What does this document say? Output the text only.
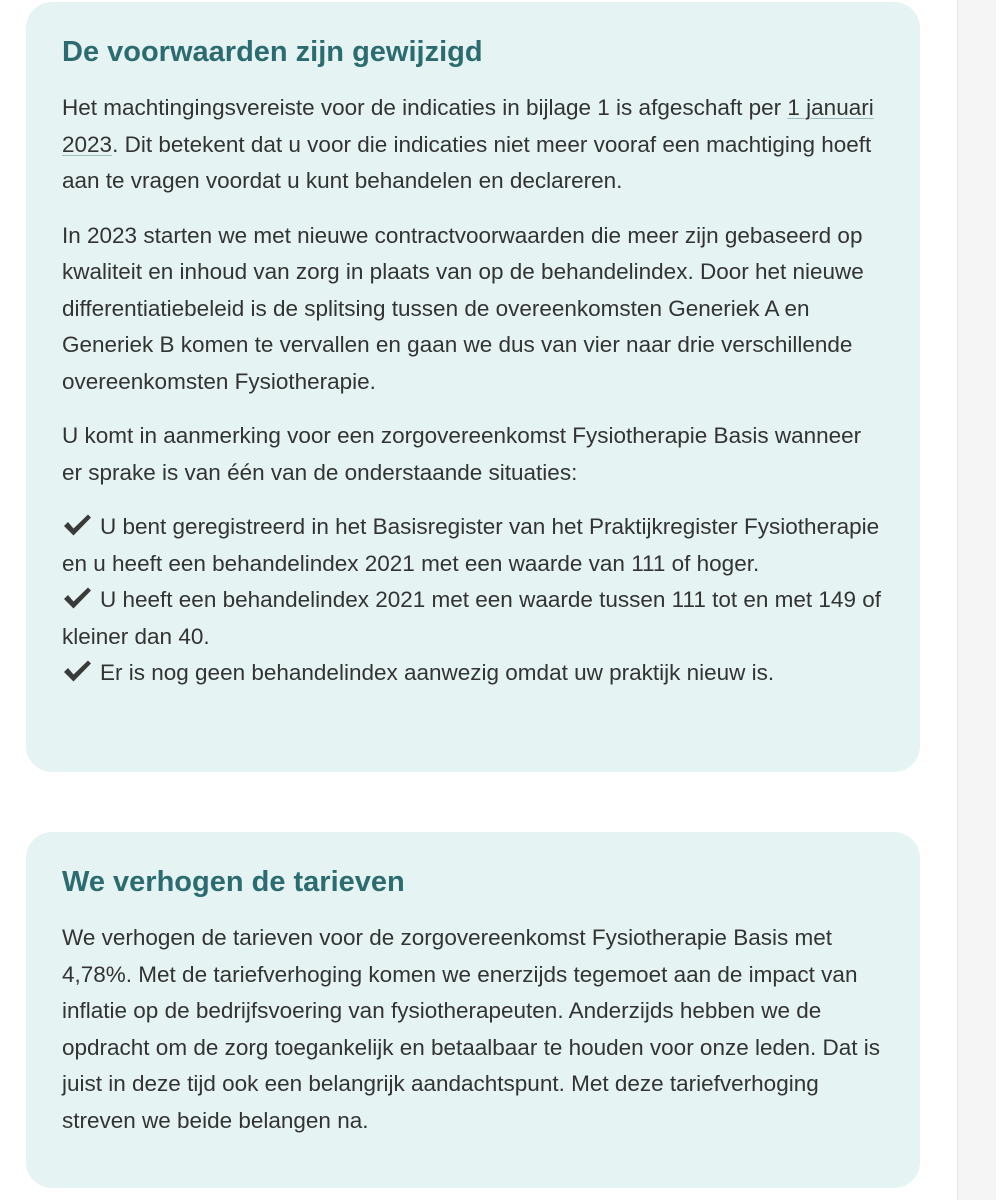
De voorwaarden zijn gewijzigd

Het machtingingsvereiste voor de indicaties in bijlage 1 is afgeschaft per 1 januari 2023. Dit betekent dat u voor die indicaties niet meer vooraf een machtiging hoeft aan te vragen voordat u kunt behandelen en declareren.

In 2023 starten we met nieuwe contractvoorwaarden die meer zijn gebaseerd op kwaliteit en inhoud van zorg in plaats van op de behandelindex. Door het nieuwe differentiatiebeleid is de splitsing tussen de overeenkomsten Generiek A en Generiek B komen te vervallen en gaan we dus van vier naar drie verschillende overeenkomsten Fysiotherapie.

U komt in aanmerking voor een zorgovereenkomst Fysiotherapie Basis wanneer er sprake is van één van de onderstaande situaties:

U bent geregistreerd in het Basisregister van het Praktijkregister Fysiotherapie en u heeft een behandelindex 2021 met een waarde van 111 of hoger.
U heeft een behandelindex 2021 met een waarde tussen 111 tot en met 149 of kleiner dan 40.
Er is nog geen behandelindex aanwezig omdat uw praktijk nieuw is.
We verhogen de tarieven

We verhogen de tarieven voor de zorgovereenkomst Fysiotherapie Basis met 4,78%. Met de tariefverhoging komen we enerzijds tegemoet aan de impact van inflatie op de bedrijfsvoering van fysiotherapeuten. Anderzijds hebben we de opdracht om de zorg toegankelijk en betaalbaar te houden voor onze leden. Dat is juist in deze tijd ook een belangrijk aandachtspunt. Met deze tariefverhoging streven we beide belangen na.
